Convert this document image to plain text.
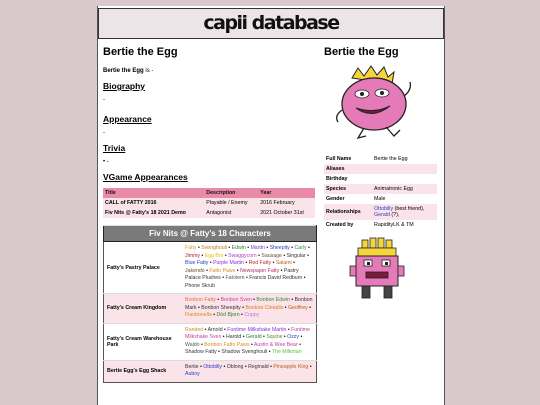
capii database
Bertie the Egg
Bertie the Egg is -
Biography
-
Appearance
-
Trivia
• -
VGame Appearances
Title	Description	Year
CALL of FATTY 2016	Playable / Enemy	2016 February
Fiv Nits @ Fatty's 18 2021 Demo	Antagonist	2021 October 31st
Fiv Nits @ Fatty's 18 Characters	
Fatty's Pastry Palace	Fatty • Svenghouli • Edwin • Martin • Sheepity • Carly • Jimmy • Egg Bro • Swaggycorn • Sausage • Singular • Blue Fatty • Purple Martin • Red Fatty • Salami • Jakendo • Fatto Paws • Newspaper Fatty • Pastry Palace Plushes • Fatotem • Francis David Redburn • Phone Skrub
Fatty's Cream Kingdom	Bonbon Fatty • Bonbon Sven • Bonbon Edwin • Bonbon Mark • Bonbon Sheepity • Bonbon Cineplis • Geoffrey • Flanbonella • Dòd Bjorn • Cuppy
Fatty's Cream Warehouse Park	Randed • Arnold • Funtime Milkshake Martin • Funtime Milkshake Sven • Harold • Gerald • Squine • Ozzy • Waldo • Bonbon Fatto Paws • Austin & Wee Bear • Shadow Fatty • Shadow Svenghouli • The Milkman
Bertie Egg's Egg Shack	Bertie • Ottobilly • Oblong • Reginald • Pineapple King • Auboy
Bertie the Egg
Full Name	Bertie the Egg
Aliases	
Birthday	
Species	Animatronic Egg
Gender	Male
Relationships	Ottobilly (best friend), Gerald (?),
Created by	RapidityLK & TM
